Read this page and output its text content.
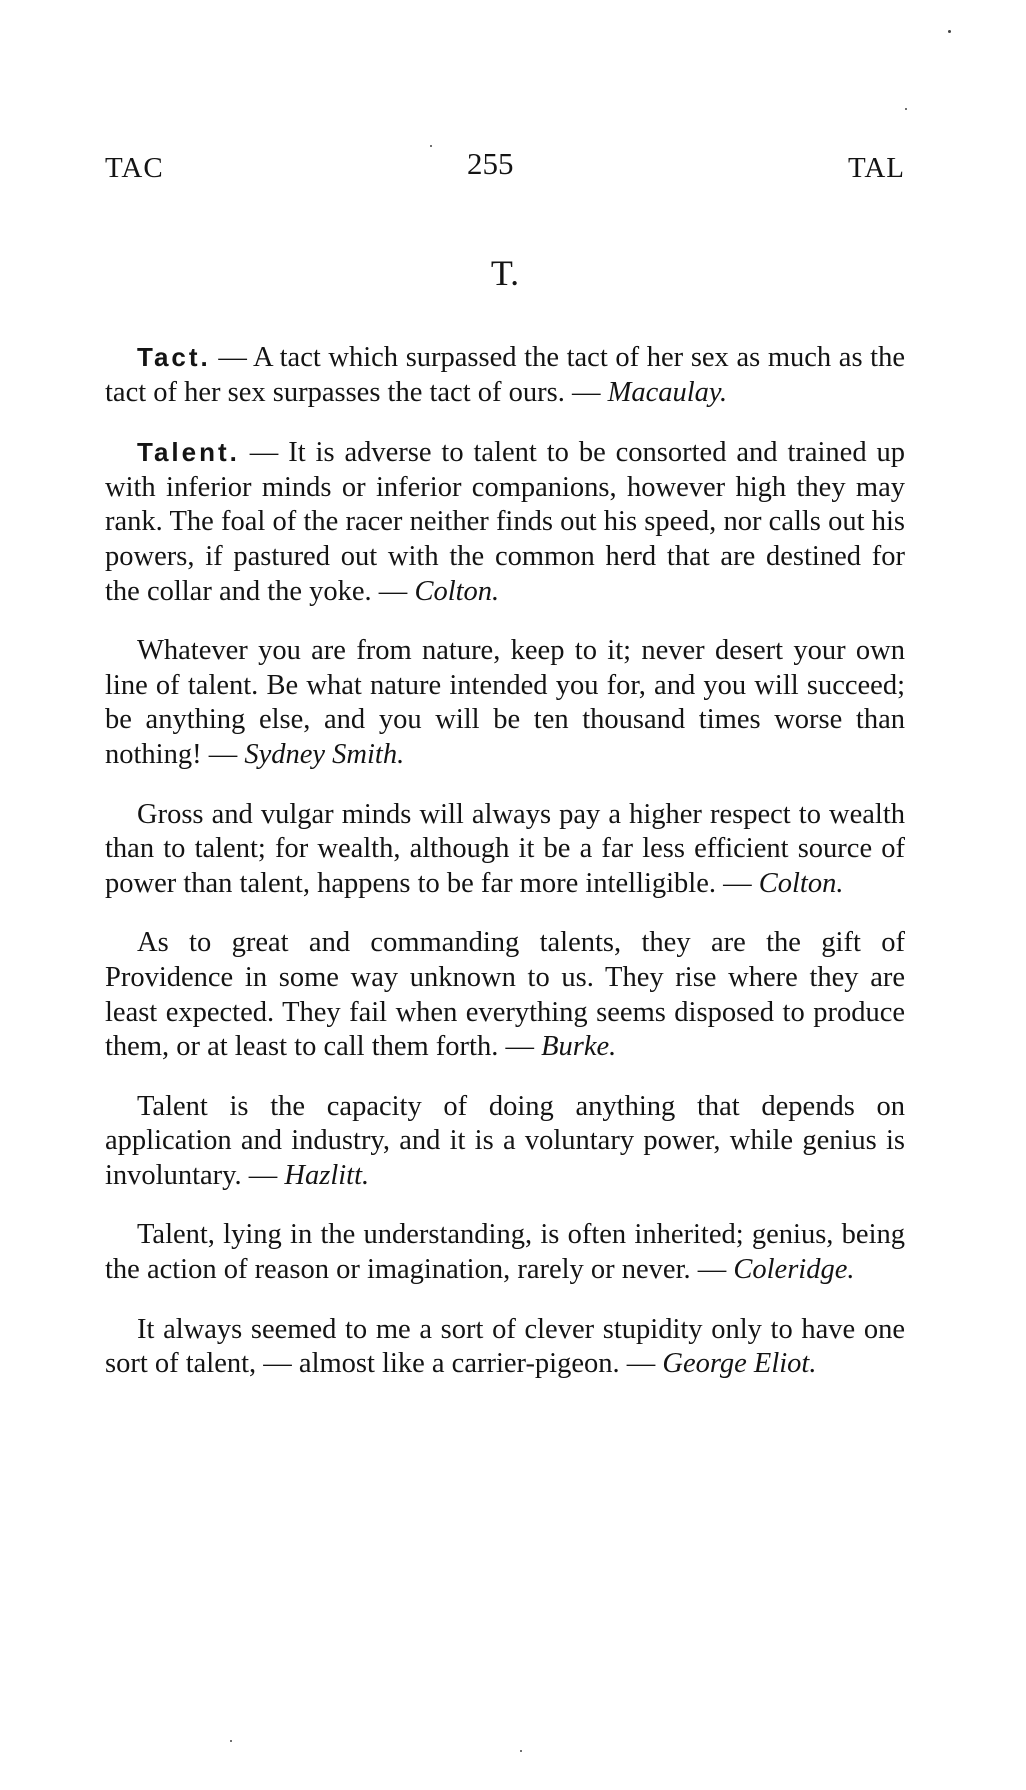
TAC	255	TAL
T.

Tact. — A tact which surpassed the tact of her sex as much as the tact of her sex surpasses the tact of ours. — Macaulay.

Talent. — It is adverse to talent to be consorted and trained up with inferior minds or inferior companions, however high they may rank. The foal of the racer neither finds out his speed, nor calls out his powers, if pastured out with the common herd that are destined for the collar and the yoke. — Colton.

Whatever you are from nature, keep to it; never desert your own line of talent. Be what nature intended you for, and you will succeed; be anything else, and you will be ten thousand times worse than nothing! — Sydney Smith.

Gross and vulgar minds will always pay a higher respect to wealth than to talent; for wealth, although it be a far less efficient source of power than talent, happens to be far more intelligible. — Colton.

As to great and commanding talents, they are the gift of Providence in some way unknown to us. They rise where they are least expected. They fail when everything seems disposed to produce them, or at least to call them forth. — Burke.

Talent is the capacity of doing anything that depends on application and industry, and it is a voluntary power, while genius is involuntary. — Hazlitt.

Talent, lying in the understanding, is often inherited; genius, being the action of reason or imagination, rarely or never. — Coleridge.

It always seemed to me a sort of clever stupidity only to have one sort of talent, — almost like a carrier-pigeon. — George Eliot.
